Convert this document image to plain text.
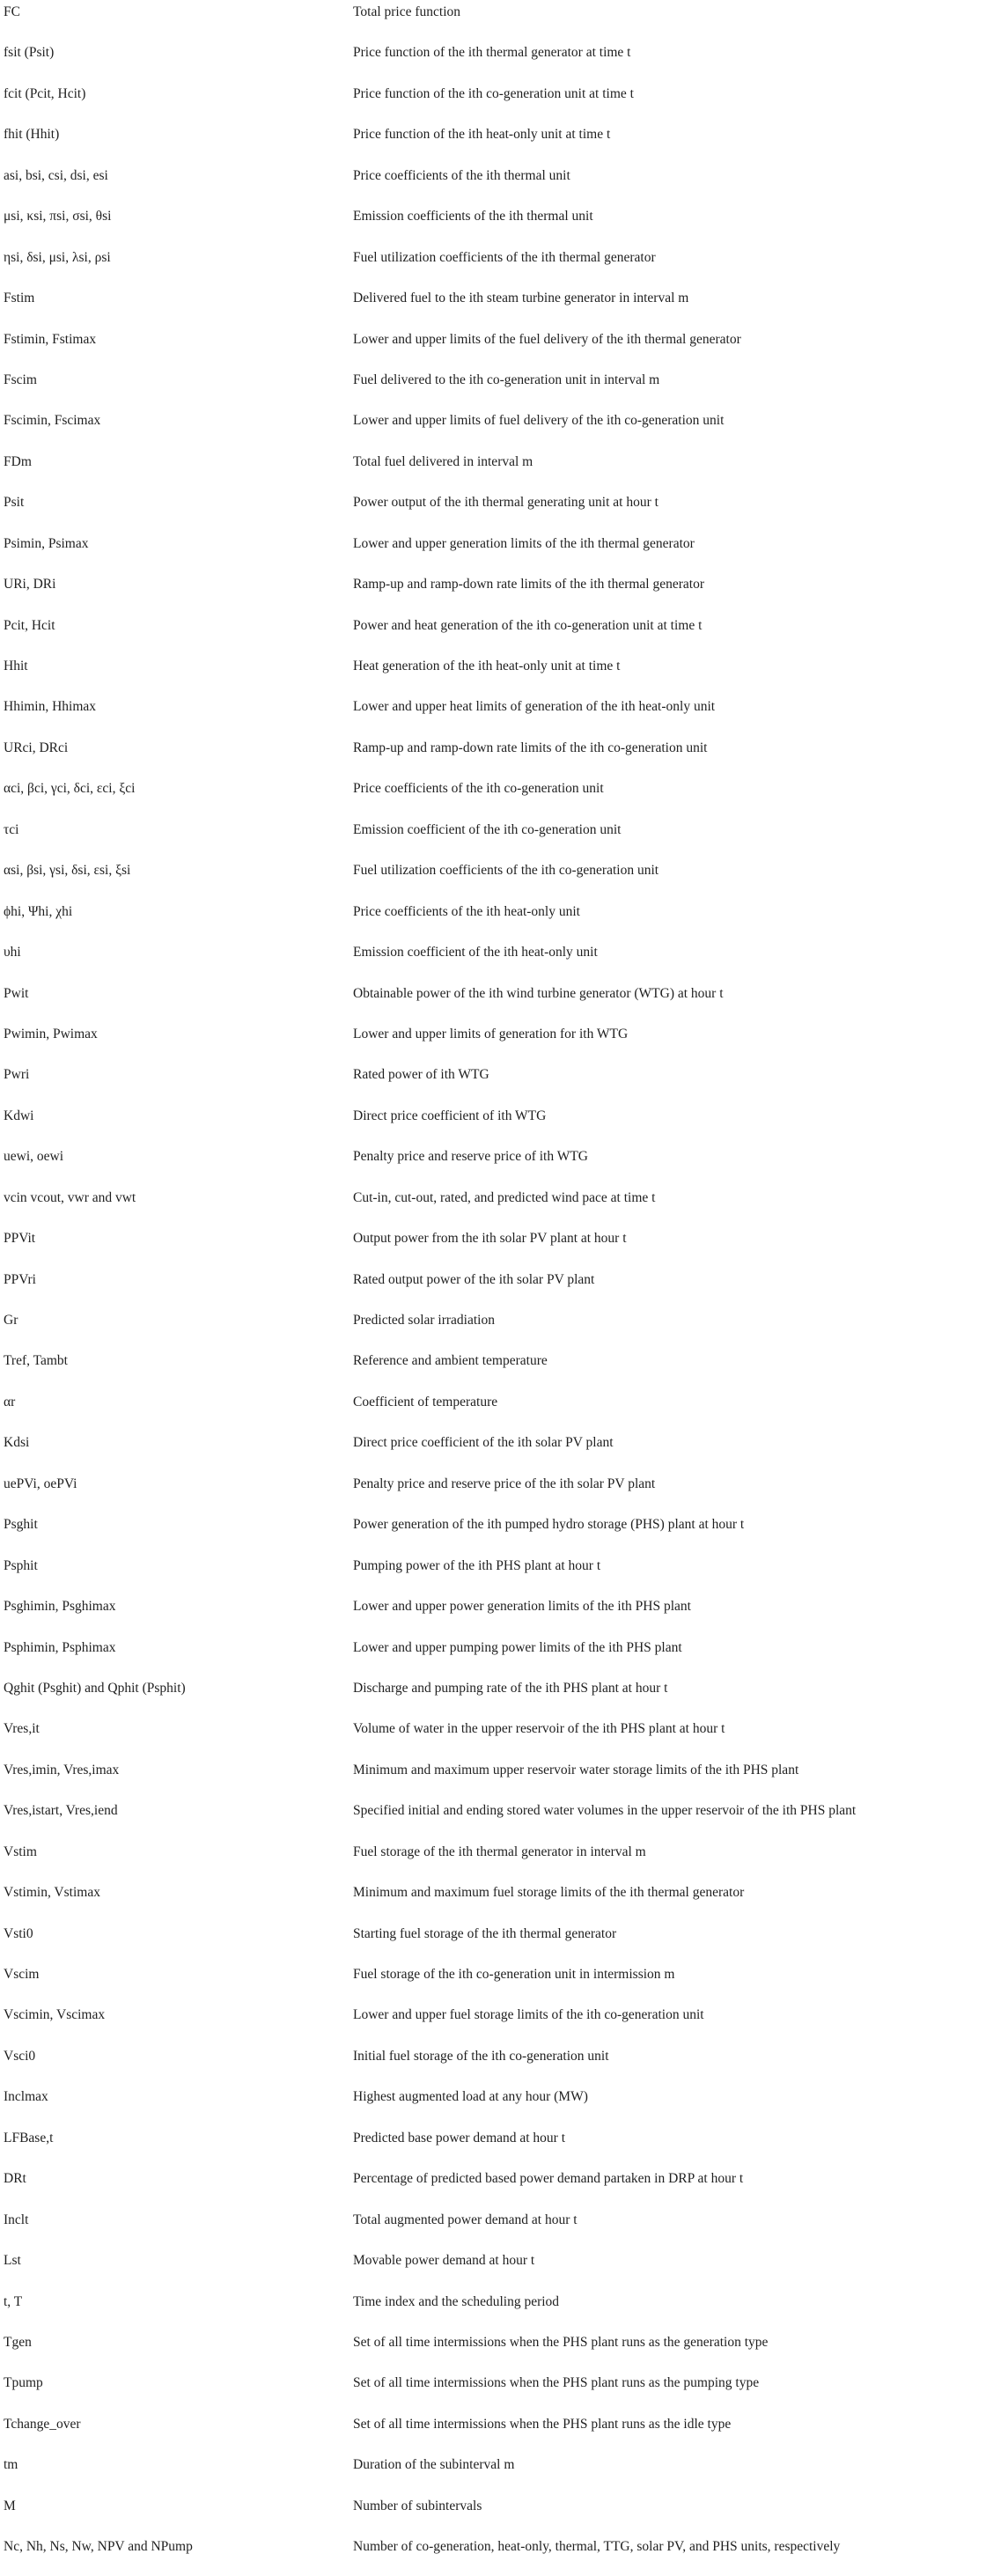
FC	Total price function
fsit (Psit)	Price function of the ith thermal generator at time t
fcit (Pcit, Hcit)	Price function of the ith co-generation unit at time t
fhit (Hhit)	Price function of the ith heat-only unit at time t
asi, bsi, csi, dsi, esi	Price coefficients of the ith thermal unit
μsi, κsi, πsi, σsi, θsi	Emission coefficients of the ith thermal unit
ηsi, δsi, μsi, λsi, ρsi	Fuel utilization coefficients of the ith thermal generator
Fstim	Delivered fuel to the ith steam turbine generator in interval m
Fstimin, Fstimax	Lower and upper limits of the fuel delivery of the ith thermal generator
Fscim	Fuel delivered to the ith co-generation unit in interval m
Fscimin, Fscimax	Lower and upper limits of fuel delivery of the ith co-generation unit
FDm	Total fuel delivered in interval m
Psit	Power output of the ith thermal generating unit at hour t
Psimin, Psimax	Lower and upper generation limits of the ith thermal generator
URi, DRi	Ramp-up and ramp-down rate limits of the ith thermal generator
Pcit, Hcit	Power and heat generation of the ith co-generation unit at time t
Hhit	Heat generation of the ith heat-only unit at time t
Hhimin, Hhimax	Lower and upper heat limits of generation of the ith heat-only unit
URci, DRci	Ramp-up and ramp-down rate limits of the ith co-generation unit
αci, βci, γci, δci, εci, ξci	Price coefficients of the ith co-generation unit
τci	Emission coefficient of the ith co-generation unit
αsi, βsi, γsi, δsi, εsi, ξsi	Fuel utilization coefficients of the ith co-generation unit
ϕhi, Ψhi, χhi	Price coefficients of the ith heat-only unit
υhi	Emission coefficient of the ith heat-only unit
Pwit	Obtainable power of the ith wind turbine generator (WTG) at hour t
Pwimin, Pwimax	Lower and upper limits of generation for ith WTG
Pwri	Rated power of ith WTG
Kdwi	Direct price coefficient of ith WTG
uewi, oewi	Penalty price and reserve price of ith WTG
vcin vcout, vwr and vwt	Cut-in, cut-out, rated, and predicted wind pace at time t
PPVit	Output power from the ith solar PV plant at hour t
PPVri	Rated output power of the ith solar PV plant
Gr	Predicted solar irradiation
Tref, Tambt	Reference and ambient temperature
αr	Coefficient of temperature
Kdsi	Direct price coefficient of the ith solar PV plant
uePVi, oePVi	Penalty price and reserve price of the ith solar PV plant
Psghit	Power generation of the ith pumped hydro storage (PHS) plant at hour t
Psphit	Pumping power of the ith PHS plant at hour t
Psghimin, Psghimax	Lower and upper power generation limits of the ith PHS plant
Psphimin, Psphimax	Lower and upper pumping power limits of the ith PHS plant
Qghit (Psghit) and Qphit (Psphit)	Discharge and pumping rate of the ith PHS plant at hour t
Vres,it	Volume of water in the upper reservoir of the ith PHS plant at hour t
Vres,imin, Vres,imax	Minimum and maximum upper reservoir water storage limits of the ith PHS plant
Vres,istart, Vres,iend	Specified initial and ending stored water volumes in the upper reservoir of the ith PHS plant
Vstim	Fuel storage of the ith thermal generator in interval m
Vstimin, Vstimax	Minimum and maximum fuel storage limits of the ith thermal generator
Vsti0	Starting fuel storage of the ith thermal generator
Vscim	Fuel storage of the ith co-generation unit in intermission m
Vscimin, Vscimax	Lower and upper fuel storage limits of the ith co-generation unit
Vsci0	Initial fuel storage of the ith co-generation unit
Inclmax	Highest augmented load at any hour (MW)
LFBase,t	Predicted base power demand at hour t
DRt	Percentage of predicted based power demand partaken in DRP at hour t
Inclt	Total augmented power demand at hour t
Lst	Movable power demand at hour t
t, T	Time index and the scheduling period
Tgen	Set of all time intermissions when the PHS plant runs as the generation type
Tpump	Set of all time intermissions when the PHS plant runs as the pumping type
Tchange_over	Set of all time intermissions when the PHS plant runs as the idle type
tm	Duration of the subinterval m
M	Number of subintervals
Nc, Nh, Ns, Nw, NPV and NPump	Number of co-generation, heat-only, thermal, TTG, solar PV, and PHS units, respectively
